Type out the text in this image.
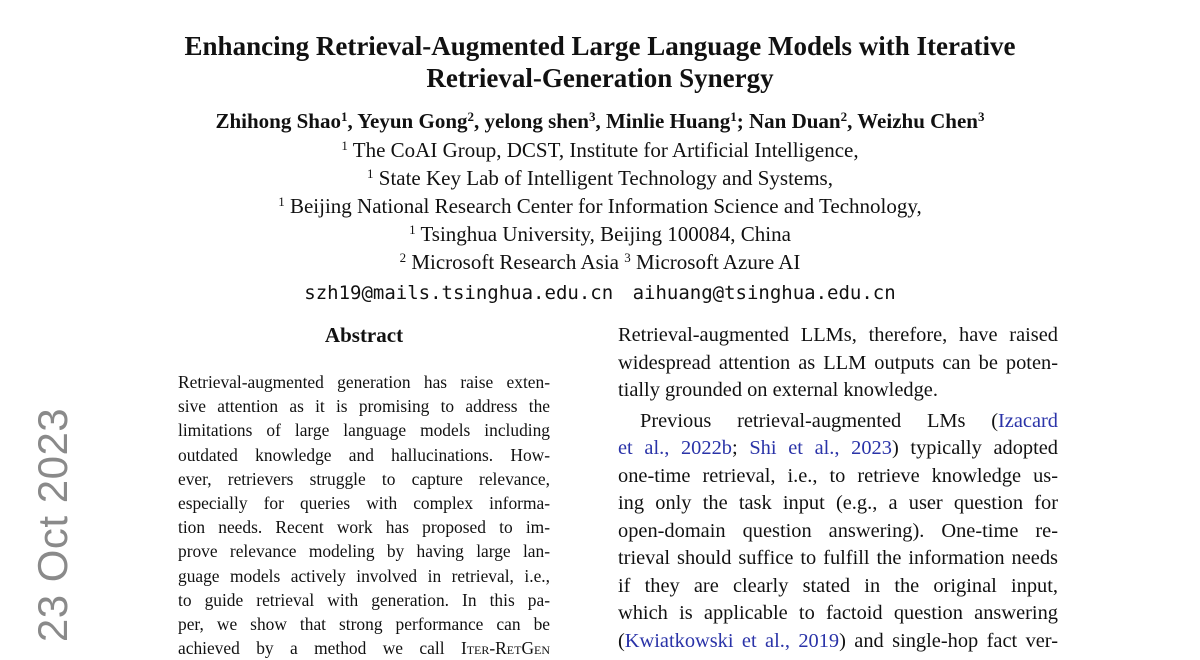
23 Oct 2023
Enhancing Retrieval-Augmented Large Language Models with Iterative
Retrieval-Generation Synergy
Zhihong Shao$^1$, Yeyun Gong$^2$, yelong shen$^3$, Minlie Huang$^1$; Nan Duan$^2$, Weizhu Chen$^3$
$^1$ The CoAI Group, DCST, Institute for Artificial Intelligence,
$^1$ State Key Lab of Intelligent Technology and Systems,
$^1$ Beijing National Research Center for Information Science and Technology,
$^1$ Tsinghua University, Beijing 100084, China
$^2$ Microsoft Research Asia $^3$ Microsoft Azure AI
szh19@mails.tsinghua.edu.cn aihuang@tsinghua.edu.cn
Abstract
Retrieval-augmented generation has raise exten-
sive attention as it is promising to address the
limitations of large language models including
outdated knowledge and hallucinations. How-
ever, retrievers struggle to capture relevance,
especially for queries with complex informa-
tion needs. Recent work has proposed to im-
prove relevance modeling by having large lan-
guage models actively involved in retrieval, i.e.,
to guide retrieval with generation. In this pa-
per, we show that strong performance can be
achieved by a method we call Iter-RetGen
Retrieval-augmented LLMs, therefore, have raised
widespread attention as LLM outputs can be poten-
tially grounded on external knowledge.
Previous retrieval-augmented LMs (Izacard
et al., 2022b; Shi et al., 2023) typically adopted
one-time retrieval, i.e., to retrieve knowledge us-
ing only the task input (e.g., a user question for
open-domain question answering). One-time re-
trieval should suffice to fulfill the information needs
if they are clearly stated in the original input,
which is applicable to factoid question answering
(Kwiatkowski et al., 2019) and single-hop fact ver-
